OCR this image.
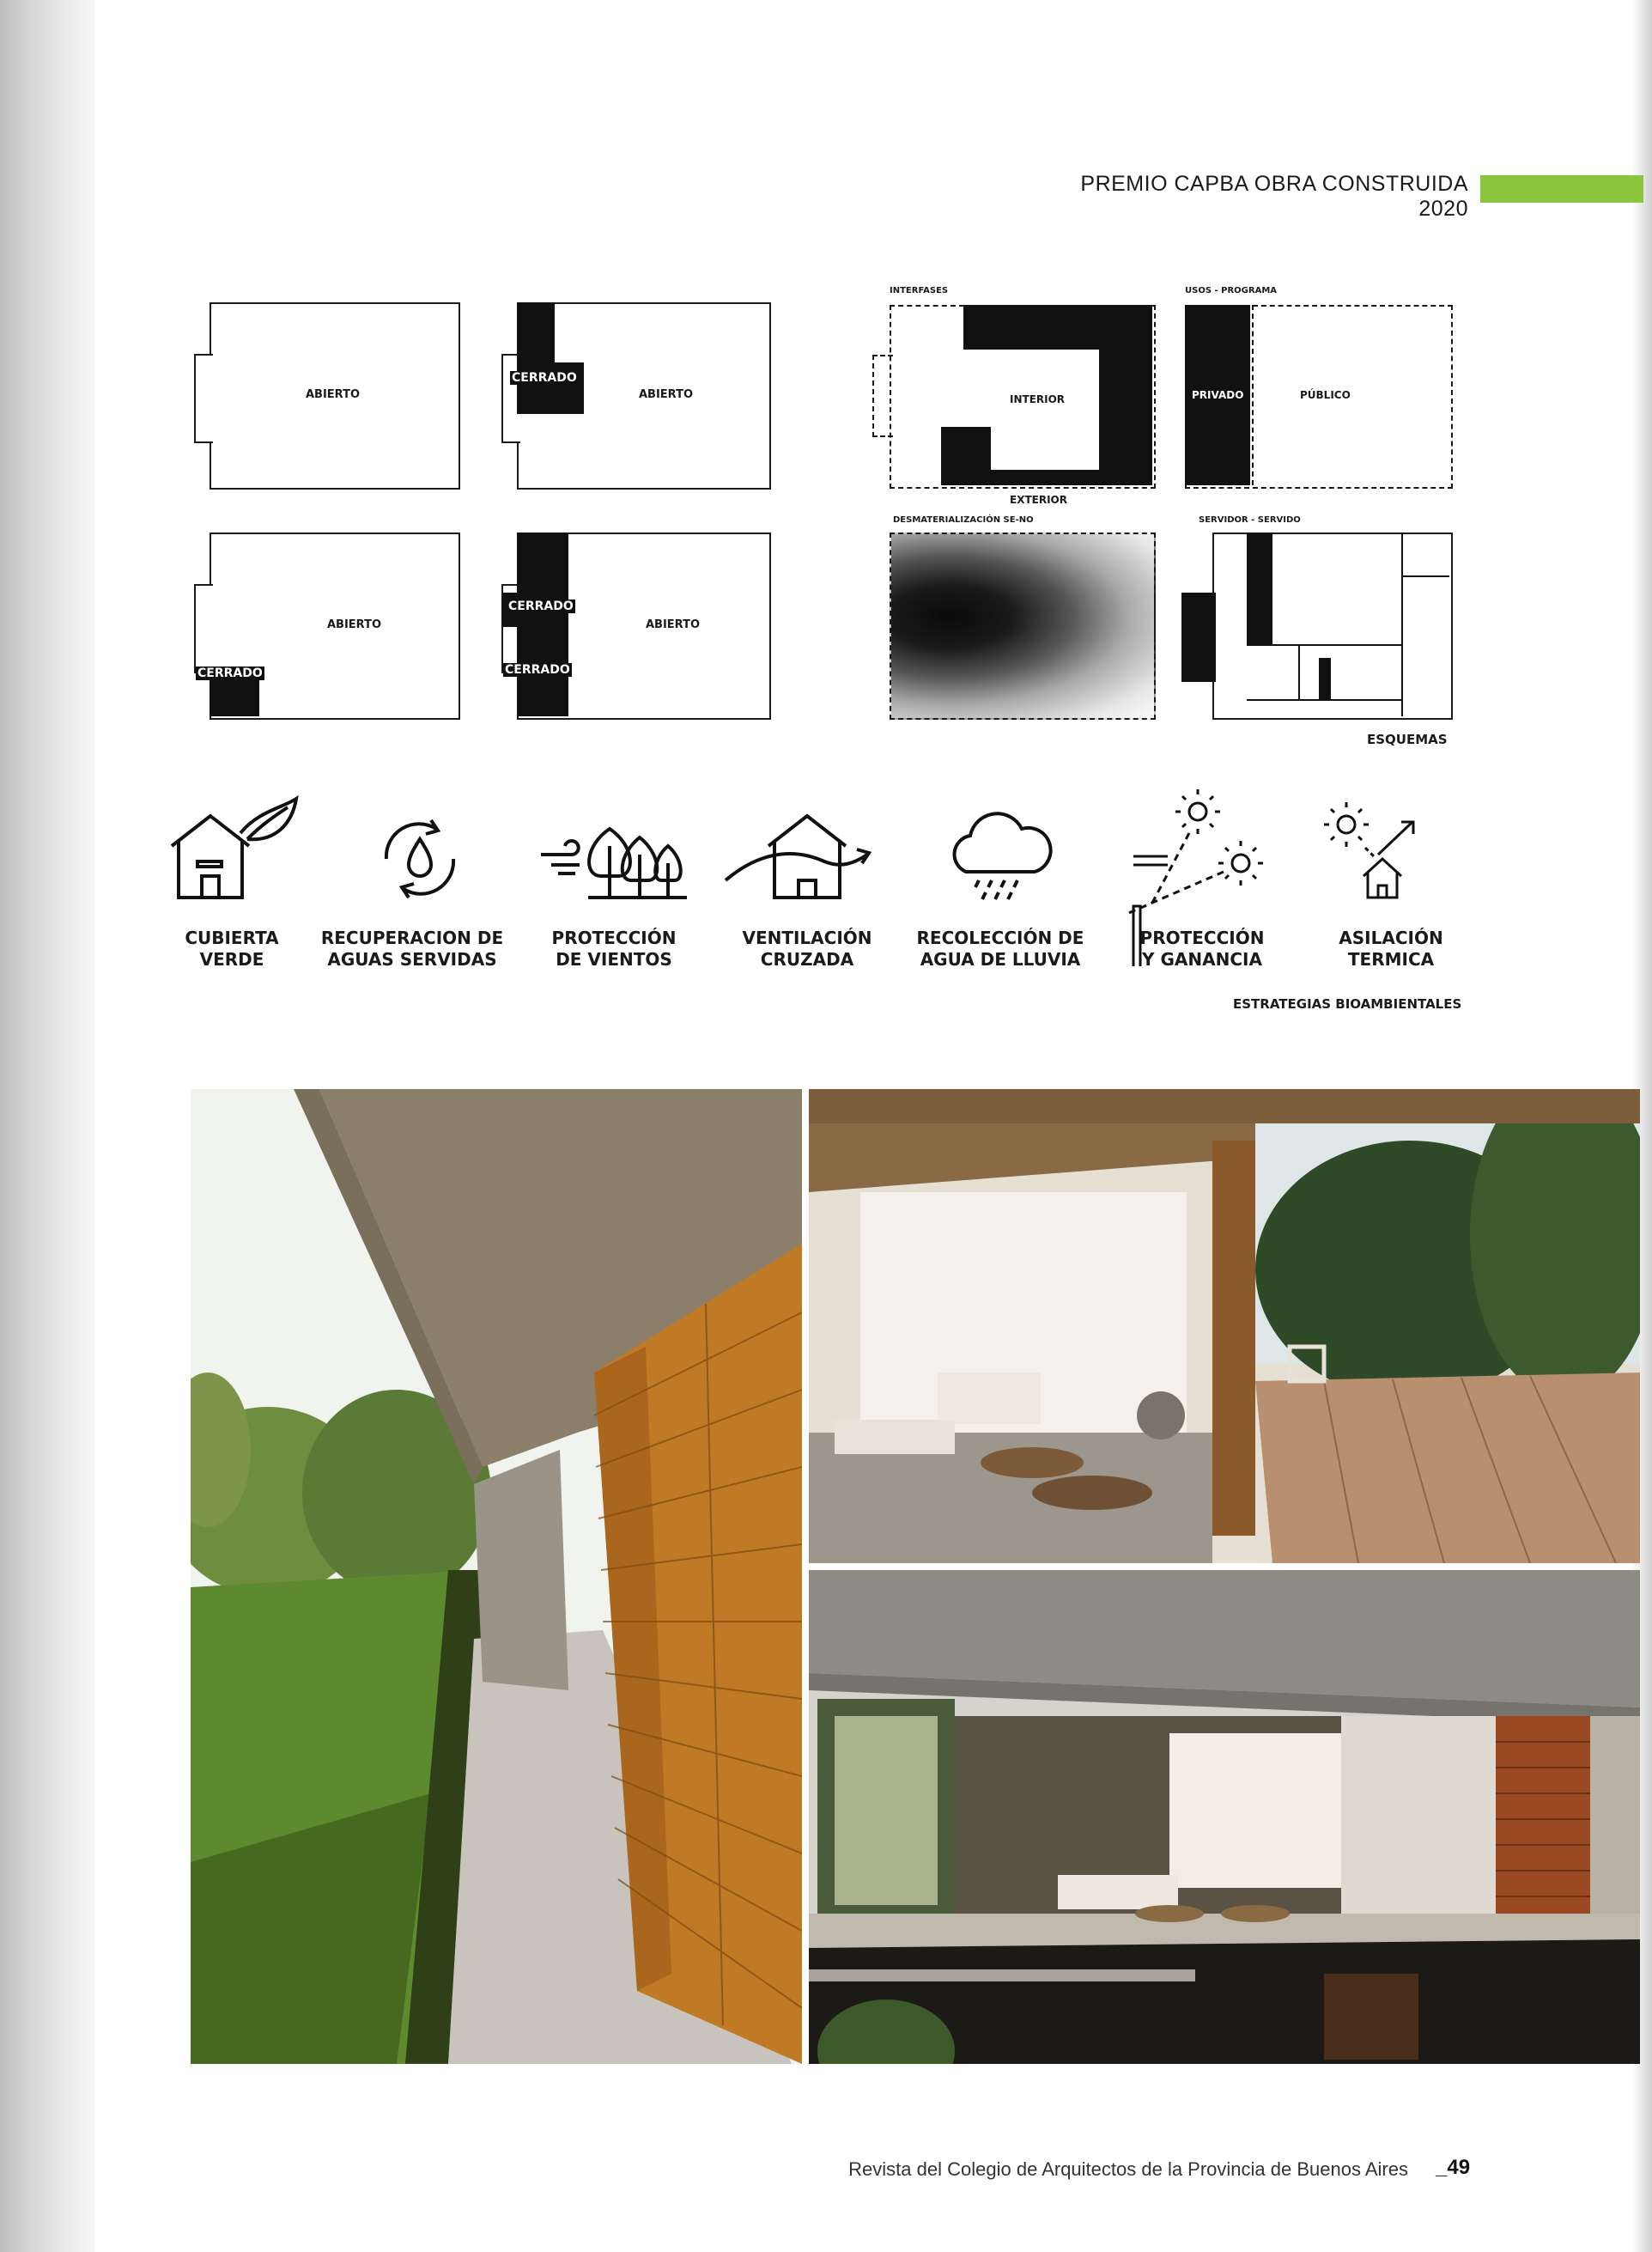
PREMIO CAPBA OBRA CONSTRUIDA 2020
ABIERTO
CERRADO
ABIERTO
ABIERTO
CERRADO
CERRADO
CERRADO
ABIERTO
INTERFASES
INTERIOR
EXTERIOR
USOS - PROGRAMA
PRIVADO	PÚBLICO
DESMATERIALIZACIÓN SE-NO	SERVIDOR - SERVIDO
ESQUEMAS
CUBIERTA
VERDE
RECUPERACION DE
AGUAS SERVIDAS
PROTECCIÓN
DE VIENTOS
VENTILACIÓN
CRUZADA
RECOLECCIÓN DE
AGUA DE LLUVIA
PROTECCIÓN
Y GANANCIA
ASILACIÓN
TERMICA
ESTRATEGIAS BIOAMBIENTALES
Revista del Colegio de Arquitectos de la Provincia de Buenos Aires _49
